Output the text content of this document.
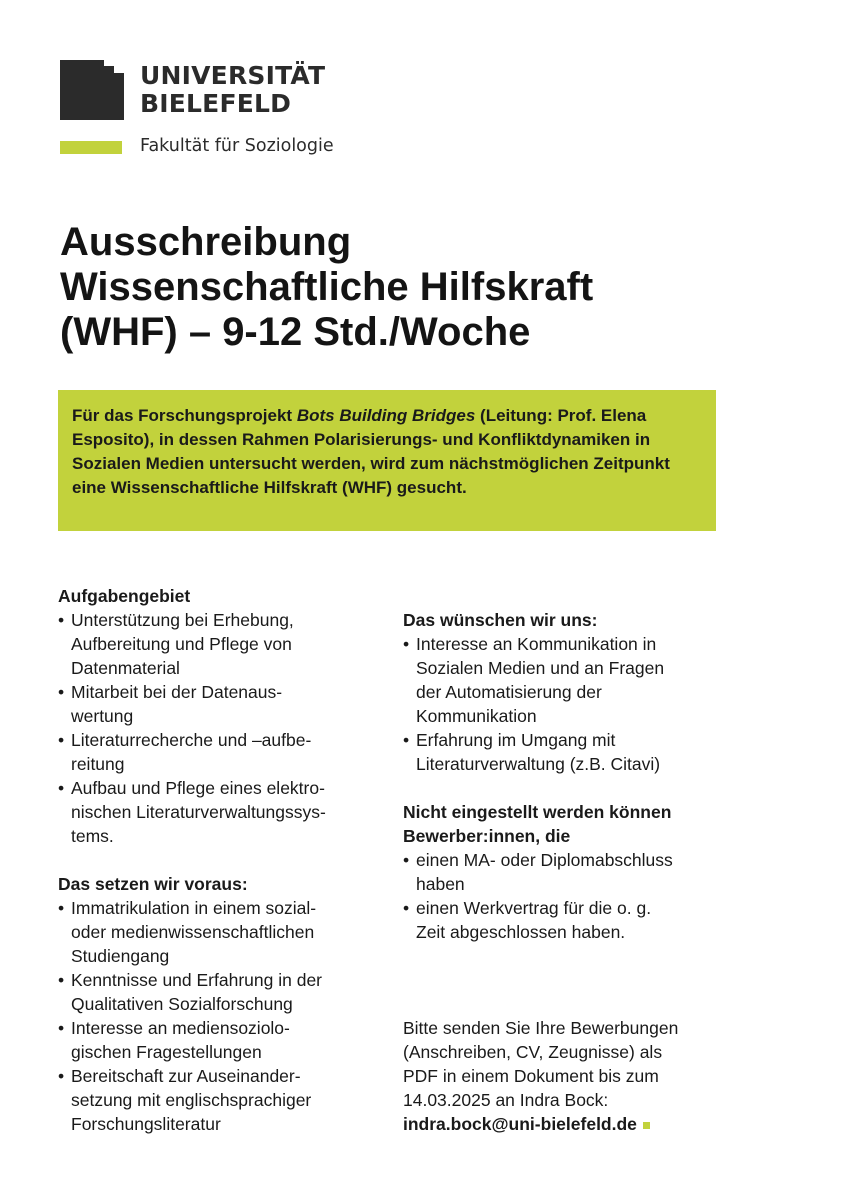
UNIVERSITÄT
BIELEFELD
Fakultät für Soziologie
Ausschreibung
Wissenschaftliche Hilfskraft
(WHF) – 9-12 Std./Woche

Für das Forschungsprojekt Bots Building Bridges (Leitung: Prof. Elena Esposito), in dessen Rahmen Polarisierungs- und Konfliktdynamiken in Sozialen Medien untersucht werden, wird zum nächstmöglichen Zeitpunkt eine Wissenschaftliche Hilfskraft (WHF) gesucht.

Aufgabengebiet
• Unterstützung bei Erhebung,
Aufbereitung und Pflege von
Datenmaterial
• Mitarbeit bei der Datenaus-
wertung
• Literaturrecherche und –aufbe-
reitung
• Aufbau und Pflege eines elektro-
nischen Literaturverwaltungssys-
tems.
Das setzen wir voraus:
• Immatrikulation in einem sozial-
oder medienwissenschaftlichen
Studiengang
• Kenntnisse und Erfahrung in der
Qualitativen Sozialforschung
• Interesse an mediensoziolo-
gischen Fragestellungen
• Bereitschaft zur Auseinander-
setzung mit englischsprachiger
Forschungsliteratur
Das wünschen wir uns:
• Interesse an Kommunikation in
Sozialen Medien und an Fragen
der Automatisierung der
Kommunikation
• Erfahrung im Umgang mit
Literaturverwaltung (z.B. Citavi)
Nicht eingestellt werden können
Bewerber:innen, die
• einen MA- oder Diplomabschluss
haben
• einen Werkvertrag für die o. g.
Zeit abgeschlossen haben.
Bitte senden Sie Ihre Bewerbungen
(Anschreiben, CV, Zeugnisse) als
PDF in einem Dokument bis zum
14.03.2025 an Indra Bock:
indra.bock@uni-bielefeld.de
